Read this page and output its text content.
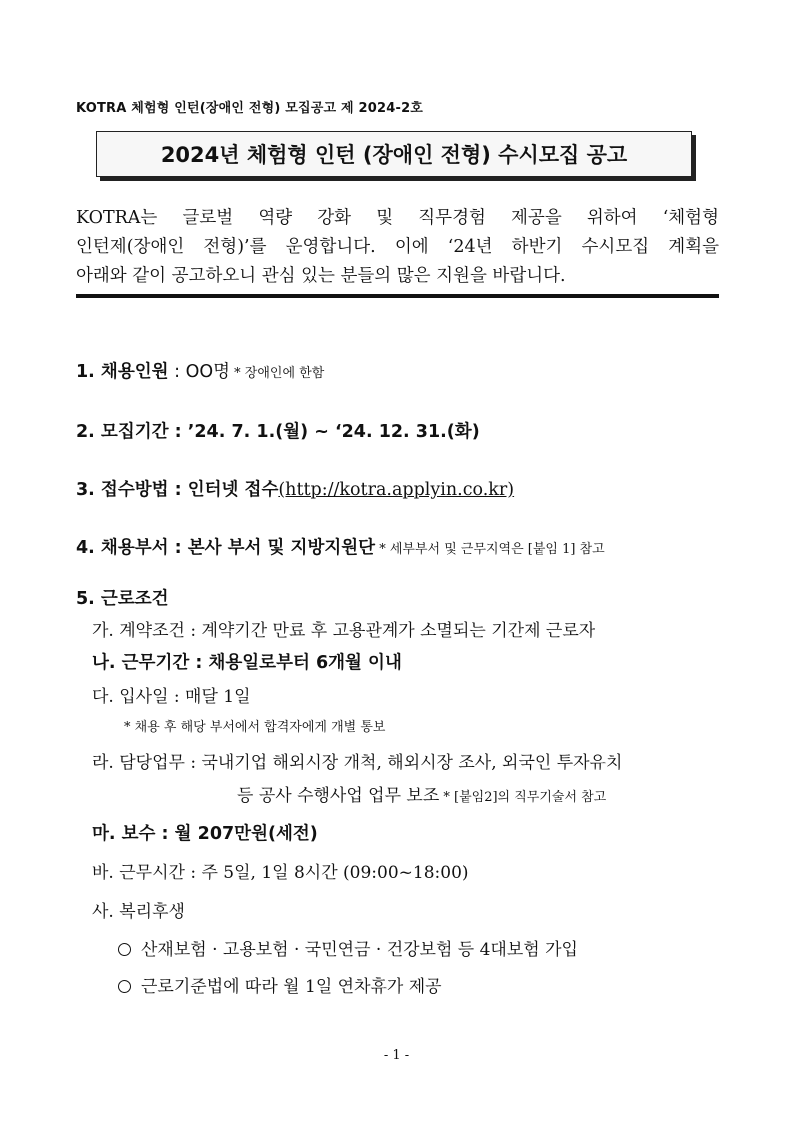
KOTRA 체험형 인턴(장애인 전형) 모집공고 제 2024-2호
2024년 체험형 인턴 (장애인 전형) 수시모집 공고
KOTRA는 글로벌 역량 강화 및 직무경험 제공을 위하여 ‘체험형
인턴제(장애인 전형)’를 운영합니다. 이에 ‘24년 하반기 수시모집 계획을
아래와 같이 공고하오니 관심 있는 분들의 많은 지원을 바랍니다.
1. 채용인원 : OO명 * 장애인에 한함
2. 모집기간 : ’24. 7. 1.(월) ~ ‘24. 12. 31.(화)
3. 접수방법 : 인터넷 접수(http://kotra.applyin.co.kr)
4. 채용부서 : 본사 부서 및 지방지원단 * 세부부서 및 근무지역은 [붙임 1] 참고
5. 근로조건
가. 계약조건 : 계약기간 만료 후 고용관계가 소멸되는 기간제 근로자
나. 근무기간 : 채용일로부터 6개월 이내
다. 입사일 : 매달 1일
* 채용 후 해당 부서에서 합격자에게 개별 통보
라. 담당업무 : 국내기업 해외시장 개척, 해외시장 조사, 외국인 투자유치
등 공사 수행사업 업무 보조 * [붙임2]의 직무기술서 참고
마. 보수 : 월 207만원(세전)
바. 근무시간 : 주 5일, 1일 8시간 (09:00~18:00)
사. 복리후생
산재보험 · 고용보험 · 국민연금 · 건강보험 등 4대보험 가입
근로기준법에 따라 월 1일 연차휴가 제공
- 1 -
